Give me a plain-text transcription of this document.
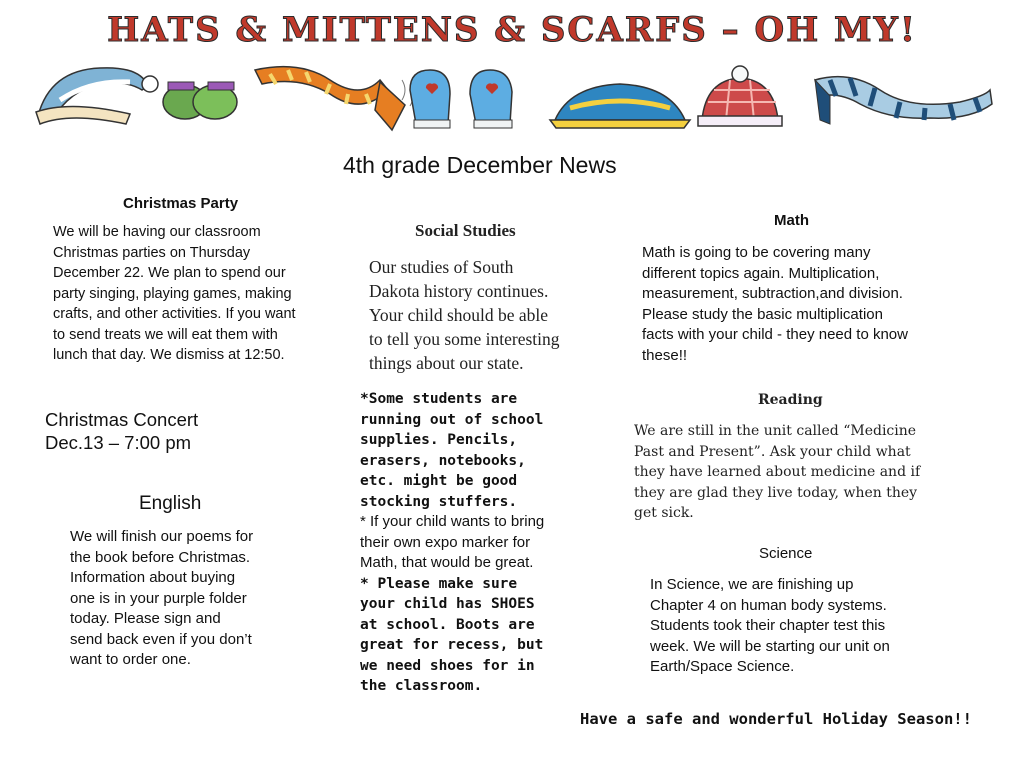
HATS & MITTENS & SCARFS – OH MY!
4th grade December News
Christmas Party
We will be having our classroom
Christmas parties on Thursday
December 22. We plan to spend our
party singing, playing games, making
crafts, and other activities. If you want
to send treats we will eat them with
lunch that day. We dismiss at 12:50.
Christmas Concert
Dec.13 – 7:00 pm
English
We will finish our poems for
the book before Christmas.
Information about buying
one is in your purple folder
today. Please sign and
send back even if you don’t
want to order one.
Social Studies
Our studies of South
Dakota history continues.
Your child should be able
to tell you some interesting
things about our state.
*Some students are
running out of school
supplies. Pencils,
erasers, notebooks,
etc. might be good
stocking stuffers.
* If your child wants to bring
their own expo marker for
Math, that would be great.
* Please make sure
your child has SHOES
at school. Boots are
great for recess, but
we need shoes for in
the classroom.
Math
Math is going to be covering many
different topics again. Multiplication,
measurement, subtraction,and division.
Please study the basic multiplication
facts with your child - they need to know
these!!
Reading
We are still in the unit called “Medicine
Past and Present”. Ask your child what
they have learned about medicine and if
they are glad they live today, when they
get sick.
Science
In Science, we are finishing up
Chapter 4 on human body systems.
Students took their chapter test this
week. We will be starting our unit on
Earth/Space Science.
Have a safe and wonderful Holiday Season!!
